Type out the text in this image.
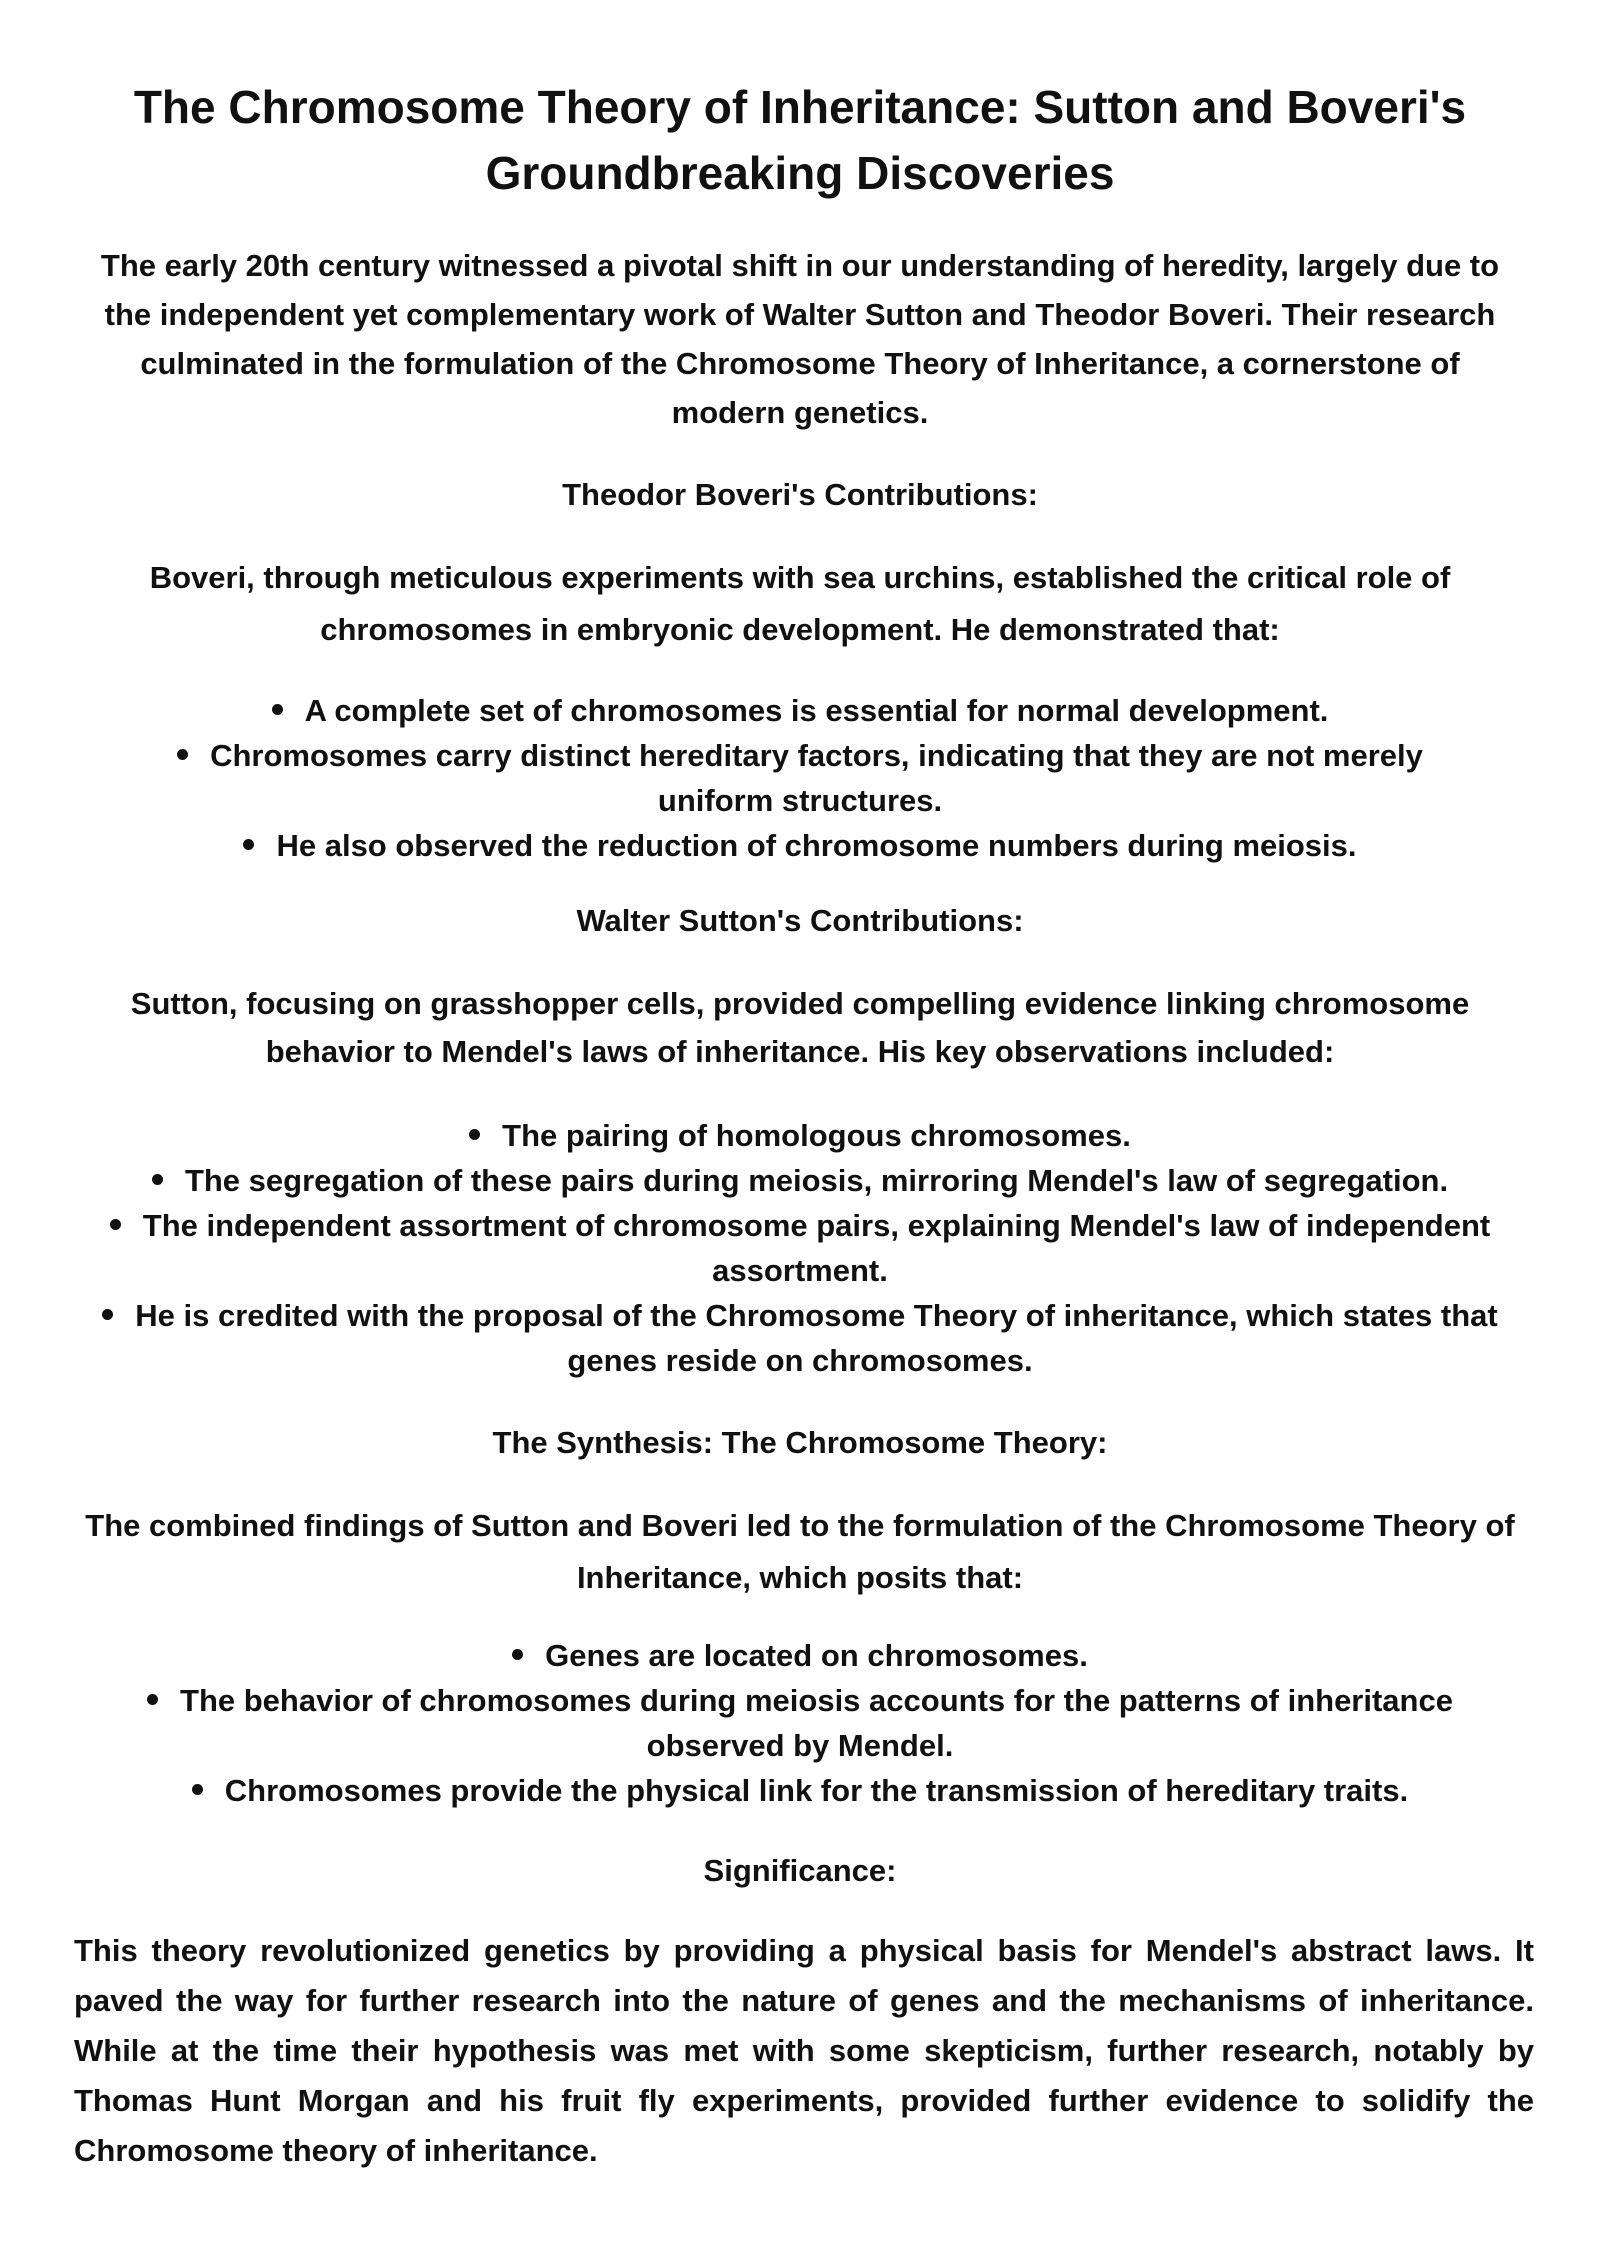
The Chromosome Theory of Inheritance: Sutton and Boveri's Groundbreaking Discoveries

The early 20th century witnessed a pivotal shift in our understanding of heredity, largely due to the independent yet complementary work of Walter Sutton and Theodor Boveri. Their research culminated in the formulation of the Chromosome Theory of Inheritance, a cornerstone of modern genetics.

Theodor Boveri's Contributions:

Boveri, through meticulous experiments with sea urchins, established the critical role of chromosomes in embryonic development. He demonstrated that:

A complete set of chromosomes is essential for normal development.
Chromosomes carry distinct hereditary factors, indicating that they are not merely uniform structures.
He also observed the reduction of chromosome numbers during meiosis.

Walter Sutton's Contributions:

Sutton, focusing on grasshopper cells, provided compelling evidence linking chromosome behavior to Mendel's laws of inheritance. His key observations included:

The pairing of homologous chromosomes.
The segregation of these pairs during meiosis, mirroring Mendel's law of segregation.
The independent assortment of chromosome pairs, explaining Mendel's law of independent assortment.
He is credited with the proposal of the Chromosome Theory of inheritance, which states that genes reside on chromosomes.

The Synthesis: The Chromosome Theory:

The combined findings of Sutton and Boveri led to the formulation of the Chromosome Theory of Inheritance, which posits that:

Genes are located on chromosomes.
The behavior of chromosomes during meiosis accounts for the patterns of inheritance observed by Mendel.
Chromosomes provide the physical link for the transmission of hereditary traits.

Significance:

This theory revolutionized genetics by providing a physical basis for Mendel's abstract laws. It paved the way for further research into the nature of genes and the mechanisms of inheritance. While at the time their hypothesis was met with some skepticism, further research, notably by Thomas Hunt Morgan and his fruit fly experiments, provided further evidence to solidify the Chromosome theory of inheritance.
